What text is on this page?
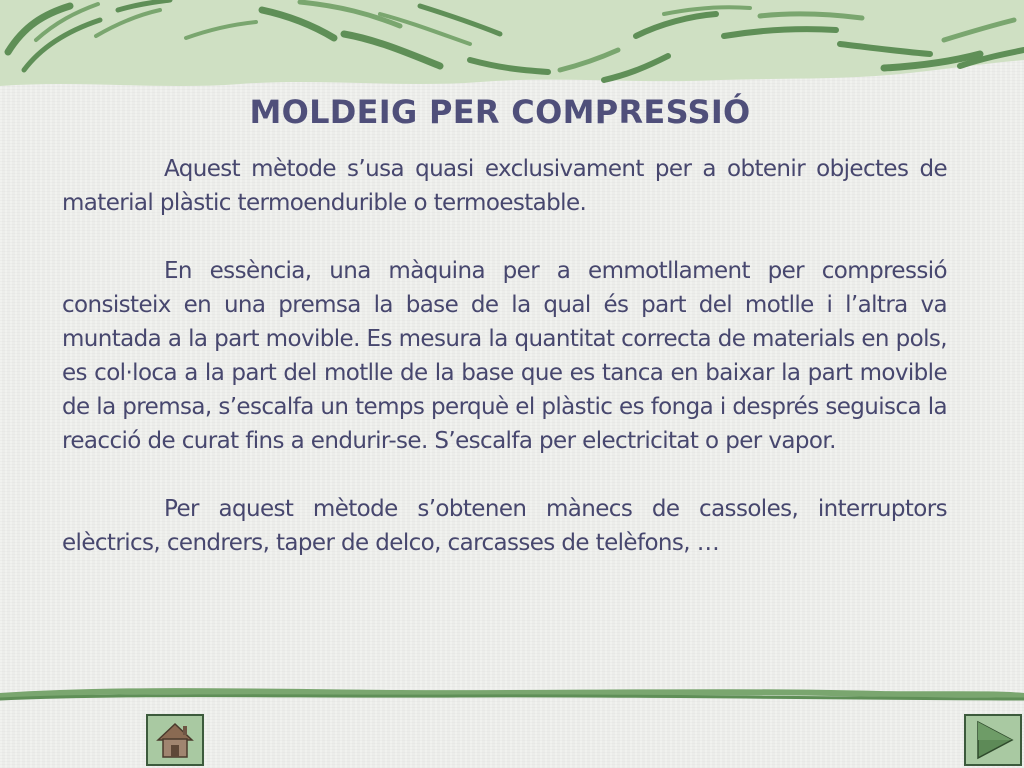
MOLDEIG PER COMPRESSIÓ

Aquest mètode s’usa quasi exclusivament per a obtenir objectes de material plàstic termoendurible o termoestable.

En essència, una màquina per a emmotllament per compressió consisteix en una premsa la base de la qual és part del motlle i l’altra va muntada a la part movible. Es mesura la quantitat correcta de materials en pols, es col·loca a la part del motlle de la base que es tanca en baixar la part movible de la premsa, s’escalfa un temps perquè el plàstic es fonga i després seguisca la reacció de curat fins a endurir-se. S’escalfa per electricitat o per vapor.

Per aquest mètode s’obtenen mànecs de cassoles, interruptors elèctrics, cendrers, taper de delco, carcasses de telèfons, …
